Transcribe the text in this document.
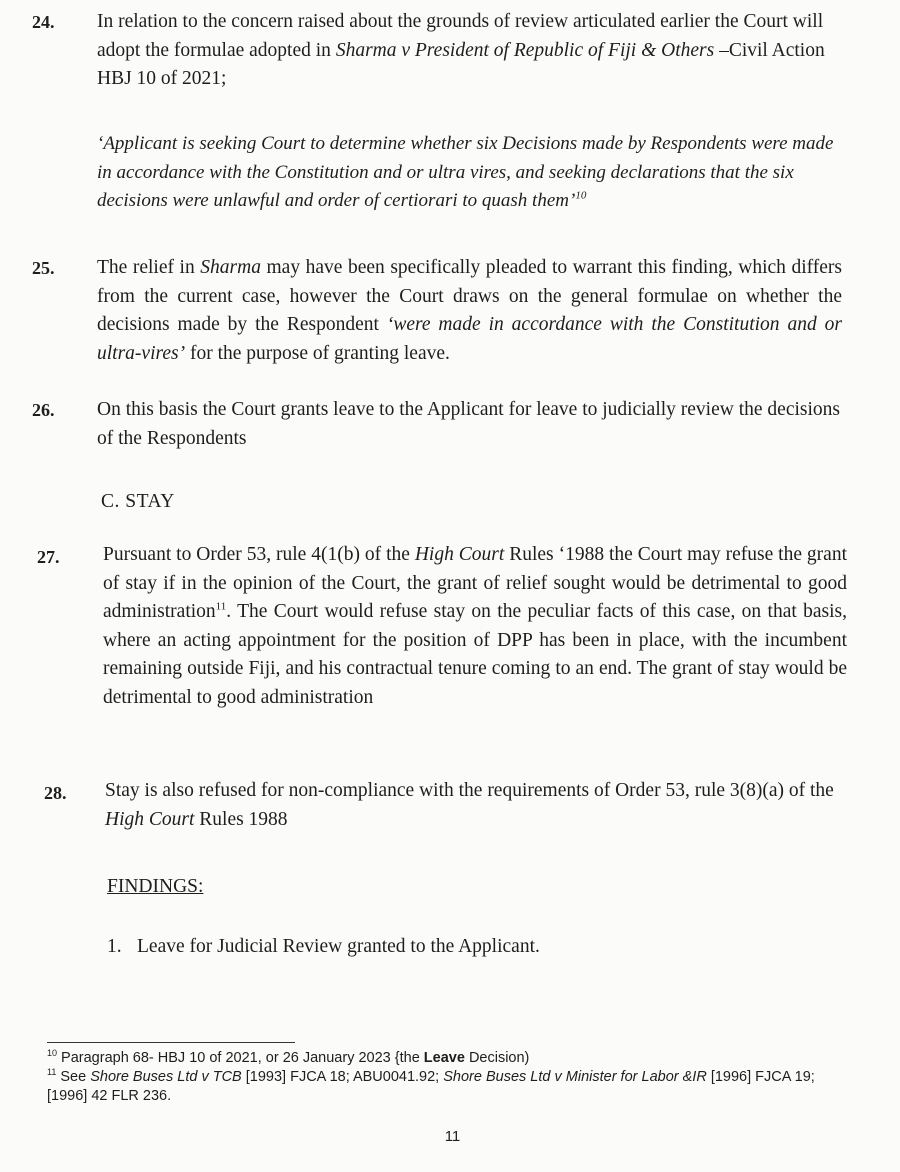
24. In relation to the concern raised about the grounds of review articulated earlier the Court will adopt the formulae adopted in Sharma v President of Republic of Fiji & Others –Civil Action HBJ 10 of 2021;
‘Applicant is seeking Court to determine whether six Decisions made by Respondents were made in accordance with the Constitution and or ultra vires, and seeking declarations that the six decisions were unlawful and order of certiorari to quash them’$^{10}$
25. The relief in Sharma may have been specifically pleaded to warrant this finding, which differs from the current case, however the Court draws on the general formulae on whether the decisions made by the Respondent ‘were made in accordance with the Constitution and or ultra-vires’ for the purpose of granting leave.
26. On this basis the Court grants leave to the Applicant for leave to judicially review the decisions of the Respondents
C. STAY
27. Pursuant to Order 53, rule 4(1(b) of the High Court Rules ‘1988 the Court may refuse the grant of stay if in the opinion of the Court, the grant of relief sought would be detrimental to good administration$^{11}$. The Court would refuse stay on the peculiar facts of this case, on that basis, where an acting appointment for the position of DPP has been in place, with the incumbent remaining outside Fiji, and his contractual tenure coming to an end. The grant of stay would be detrimental to good administration
28. Stay is also refused for non-compliance with the requirements of Order 53, rule 3(8)(a) of the High Court Rules 1988
FINDINGS:
1. Leave for Judicial Review granted to the Applicant.
$^{10}$ Paragraph 68- HBJ 10 of 2021, or 26 January 2023 {the Leave Decision)
$^{11}$ See Shore Buses Ltd v TCB [1993] FJCA 18; ABU0041.92; Shore Buses Ltd v Minister for Labor &IR [1996] FJCA 19; [1996] 42 FLR 236.
11
